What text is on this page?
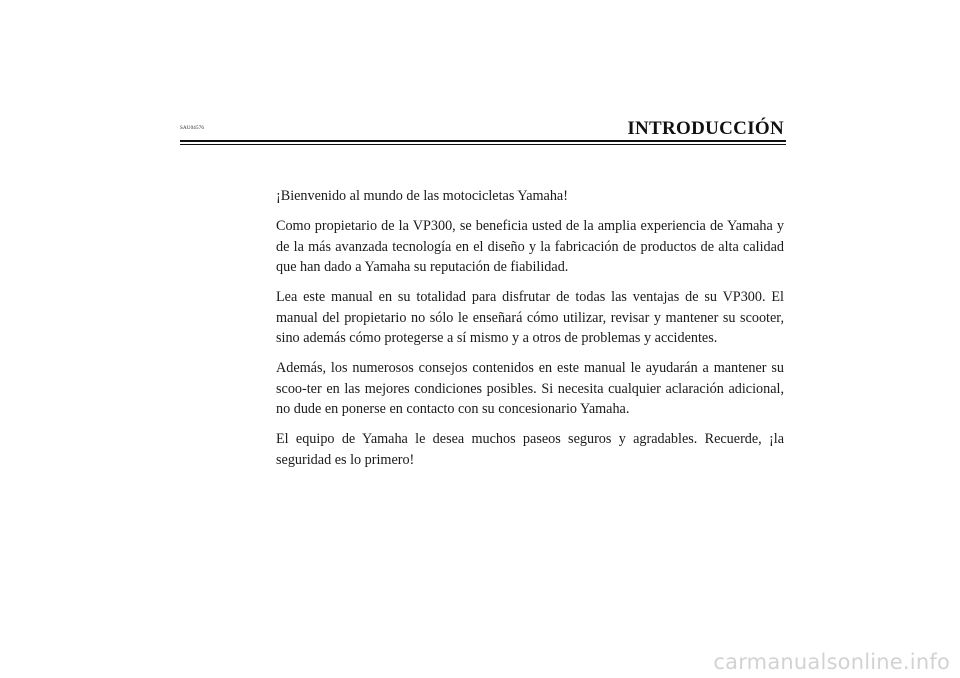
SAU04576	INTRODUCCIÓN

¡Bienvenido al mundo de las motocicletas Yamaha!

Como propietario de la VP300, se beneficia usted de la amplia experiencia de Yamaha y de la más avanzada tecnología en el diseño y la fabricación de productos de alta calidad que han dado a Yamaha su reputación de fiabilidad.

Lea este manual en su totalidad para disfrutar de todas las ventajas de su VP300. El manual del propietario no sólo le enseñará cómo utilizar, revisar y mantener su scooter, sino además cómo protegerse a sí mismo y a otros de problemas y accidentes.

Además, los numerosos consejos contenidos en este manual le ayudarán a mantener su scoo-ter en las mejores condiciones posibles. Si necesita cualquier aclaración adicional, no dude en ponerse en contacto con su concesionario Yamaha.

El equipo de Yamaha le desea muchos paseos seguros y agradables. Recuerde, ¡la seguridad es lo primero!

carmanualsonline.info
